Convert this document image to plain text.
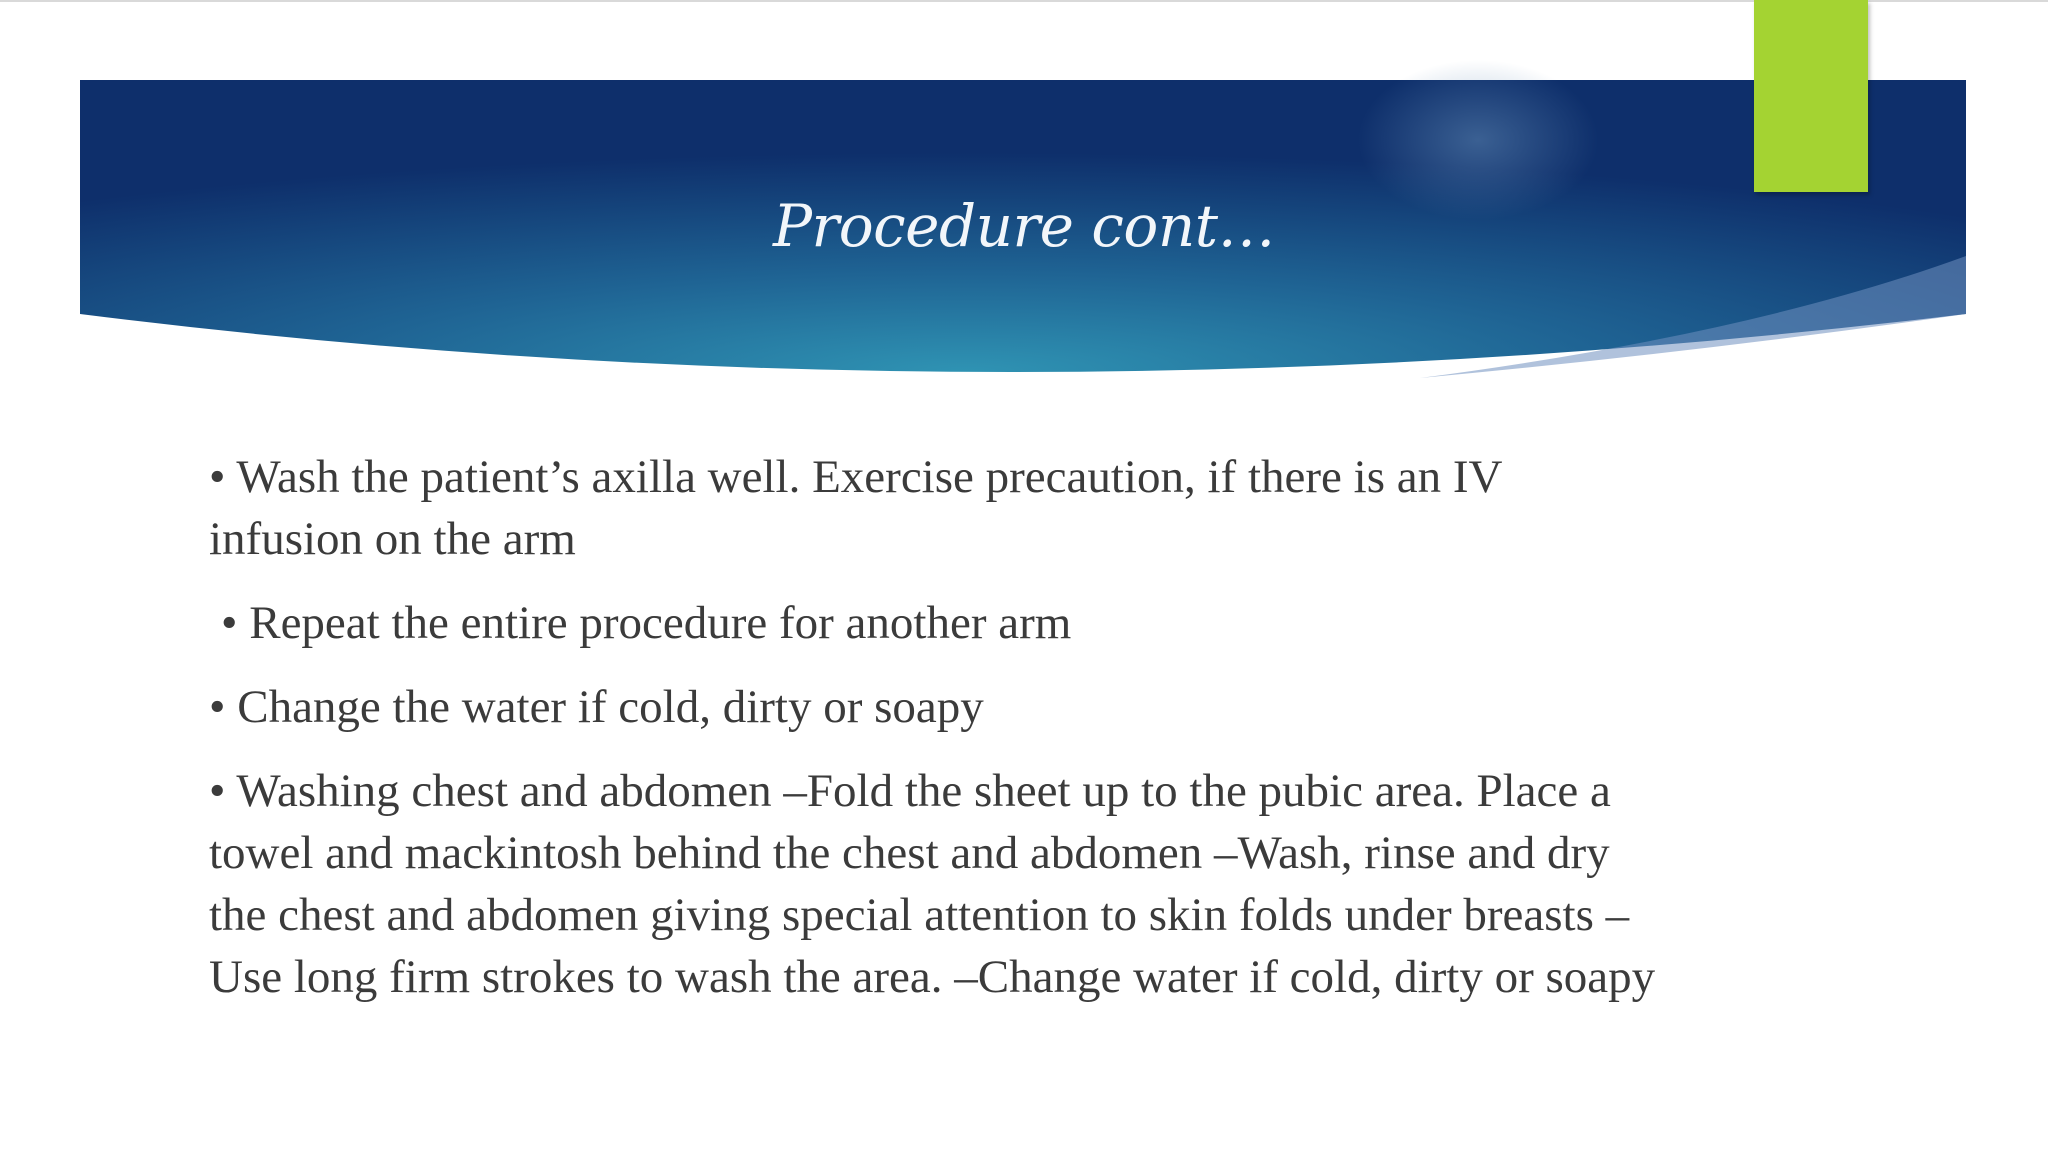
Procedure cont…
• Wash the patient’s axilla well. Exercise precaution, if there is an IV infusion on the arm
• Repeat the entire procedure for another arm
• Change the water if cold, dirty or soapy
• Washing chest and abdomen –Fold the sheet up to the pubic area. Place a towel and mackintosh behind the chest and abdomen –Wash, rinse and dry the chest and abdomen giving special attention to skin folds under breasts –Use long firm strokes to wash the area. –Change water if cold, dirty or soapy
